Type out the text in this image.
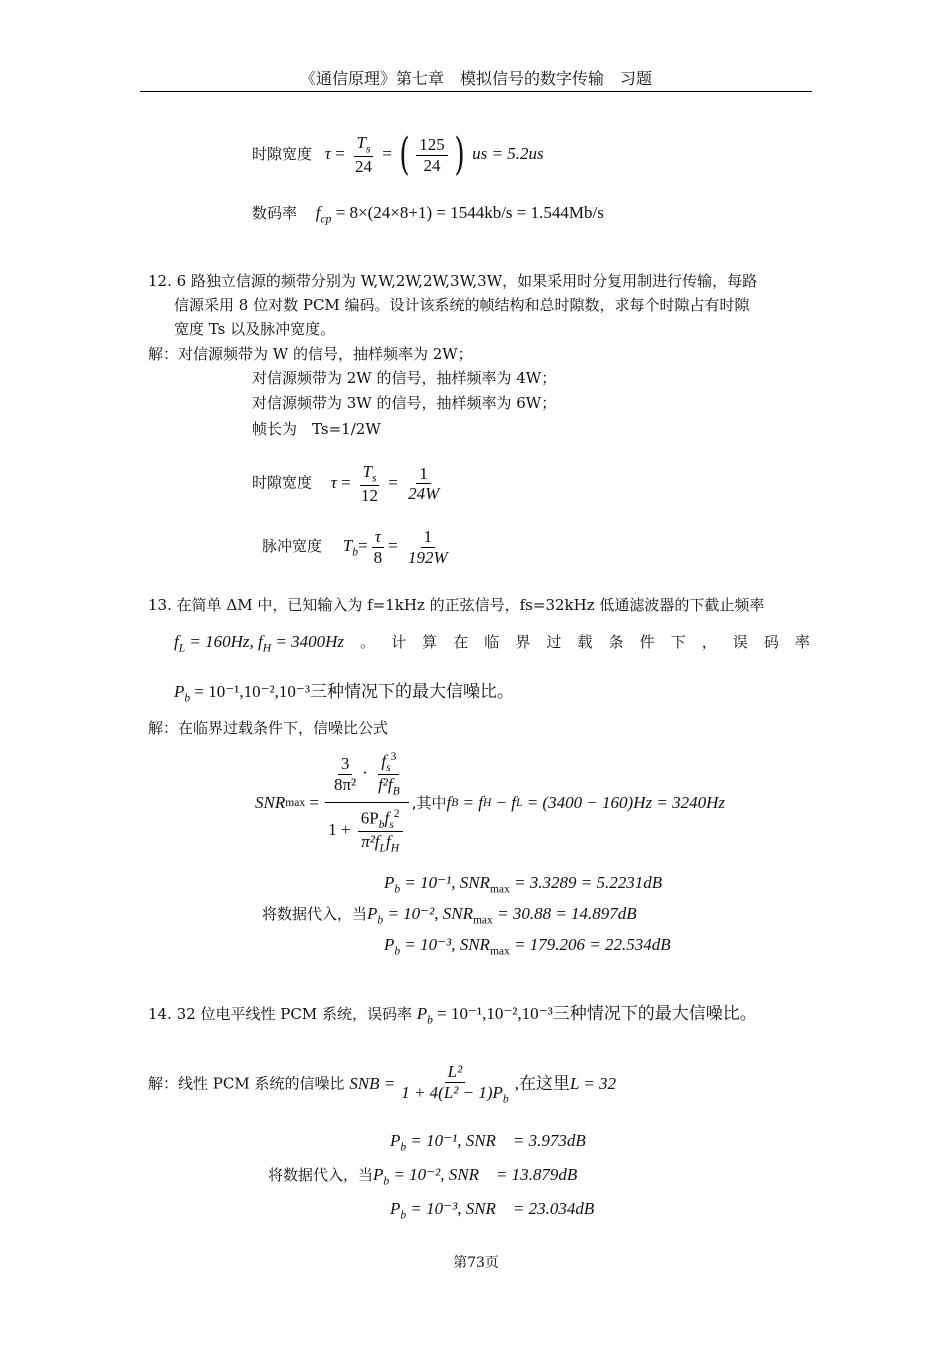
《通信原理》第七章　模拟信号的数字传输　习题
时隙宽度 $\tau = \frac{T_s}{24}$ = ( $\frac{125}{24}$ ) us = 5.2us
数码率 $f_{cp} = 8\times(24\times 8+1) = 1544kb/s = 1.544Mb/s$
12. 6 路独立信源的频带分别为 W,W,2W,2W,3W,3W，如果采用时分复用制进行传输，每路
信源采用 8 位对数 PCM 编码。设计该系统的帧结构和总时隙数，求每个时隙占有时隙
宽度 Ts 以及脉冲宽度。
解：对信源频带为 W 的信号，抽样频率为 2W；
对信源频带为 2W 的信号，抽样频率为 4W；
对信源频带为 3W 的信号，抽样频率为 6W；
帧长为　Ts=1/2W
时隙宽度 $\tau = \frac{T_s}{12} = \frac{1}{24W}$
脉冲宽度 $T_b= \frac{\tau}{8} = \frac{1}{192W}$
13. 在简单 ΔM 中，已知输入为 f=1kHz 的正弦信号，fs=32kHz 低通滤波器的下截止频率
$f_L = 160Hz$, $f_H = 3400Hz$ 。 计 算 在 临 界 过 载 条 件 下 ， 误 码 率
$P_b = 10^{-1},10^{-2},10^{-3}$三种情况下的最大信噪比。
解：在临界过载条件下，信噪比公式
SNR $\max = \frac{\frac{3}{\text{8π²}} \cdot \frac{f_s^3}{f^2f_B}}{1 + \frac{6P_bf_s^2}{\pi^2f_Lf_H}}$ ,其中 f B
= f H
− f L
= (3400 − 160)Hz = 3240Hz
$P_b = 10^{-1}$, $SNR_{max} = 3.3289 = 5.2231dB$
将数据代入，当$P_b = 10^{-2}$, $SNR_{max} = 30.88 = 14.897dB$
$P_b = 10^{-3}$, $SNR_{max} = 179.206 = 22.534dB$
14. 32 位电平线性 PCM 系统，误码率 $P_b = 10^{-1},10^{-2},10^{-3}$三种情况下的最大信噪比。
解：线性 PCM 系统的信噪比 SNB = $\frac{\text{L²}}{1 + 4(L^2 - 1)P_b}$ ,在这里 L = 32
$P_b = 10^{-1}$, SNR　= 3.973dB
将数据代入，当$P_b = 10^{-2}$, SNR　= 13.879dB
$P_b = 10^{-3}$, SNR　= 23.034dB
第73页
